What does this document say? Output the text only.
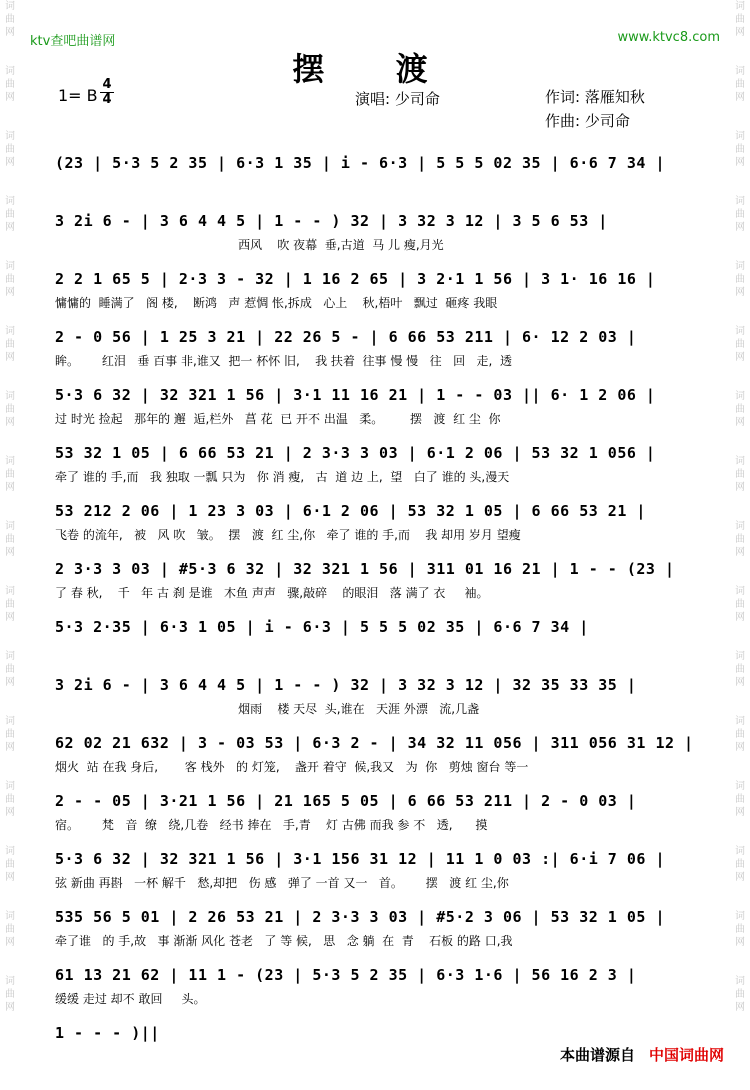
词
曲
网

词
曲
网

词
曲
网

词
曲
网

词
曲
网

词
曲
网

词
曲
网

词
曲
网

词
曲
网

词
曲
网

词
曲
网

词
曲
网

词
曲
网

词
曲
网

词
曲
网

词
曲
网
词
曲
网

词
曲
网

词
曲
网

词
曲
网

词
曲
网

词
曲
网

词
曲
网

词
曲
网

词
曲
网

词
曲
网

词
曲
网

词
曲
网

词
曲
网

词
曲
网

词
曲
网

词
曲
网
ktv查吧曲谱网	www.ktvc8.com
摆 渡
1= B
4
4	演唱: 少司命	作词: 落雁知秋
作曲: 少司命
(23 | 5·3 5 2 35 | 6·3 1 35 | i - 6·3 | 5 5 5 02 35 | 6·6 7 34 |
3 2i 6 - | 3 6 4 4 5 | 1 - - ) 32 | 3 32 3 12 | 3 5 6 53 |
西风    吹 夜幕  垂,古道  马 儿 瘦,月光
2 2 1 65 5 | 2·3 3 - 32 | 1 16 2 65 | 3 2·1 1 56 | 3 1· 16 16 |
慵慵的  睡满了   阁 楼,    断鸿   声 惹惆 怅,拆成   心上    秋,梧叶   飘过  砸疼 我眼
2 - 0 56 | 1 25 3 21 | 22 26 5 - | 6 66 53 211 | 6· 12 2 03 |
眸。      红泪   垂 百事 非,谁又  把一 杯怀 旧,    我 扶着  往事 慢 慢   往   回   走,  透
5·3 6 32 | 32 321 1 56 | 3·1 11 16 21 | 1 - - 03 || 6· 1 2 06 |
过 时光 捡起   那年的 邂  逅,栏外   菖 花  已 开不 出温   柔。       摆   渡  红 尘  你
53 32 1 05 | 6 66 53 21 | 2 3·3 3 03 | 6·1 2 06 | 53 32 1 056 |
牵了 谁的 手,而   我 独取 一瓢 只为   你 消 瘦,   古  道 边 上,  望   白了 谁的 头,漫天
53 212 2 06 | 1 23 3 03 | 6·1 2 06 | 53 32 1 05 | 6 66 53 21 |
飞卷 的流年,   被   风 吹   皱。  摆   渡  红 尘,你   牵了 谁的 手,而    我 却用 岁月 望瘦
2 3·3 3 03 | #5·3 6 32 | 32 321 1 56 | 311 01 16 21 | 1 - - (23 |
了 春 秋,    千   年 古 刹 是谁   木鱼 声声   骤,敲碎    的眼泪   落 满了 衣     袖。
5·3 2·35 | 6·3 1 05 | i - 6·3 | 5 5 5 02 35 | 6·6 7 34 |
3 2i 6 - | 3 6 4 4 5 | 1 - - ) 32 | 3 32 3 12 | 32 35 33 35 |
烟雨    楼 天尽  头,谁在   天涯 外漂   流,几盏
62 02 21 632 | 3 - 03 53 | 6·3 2 - | 34 32 11 056 | 311 056 31 12 |
烟火  站 在我 身后,       客 栈外   的 灯笼,    盏开 着守  候,我又   为  你   剪烛 窗台 等一
2 - - 05 | 3·21 1 56 | 21 165 5 05 | 6 66 53 211 | 2 - 0 03 |
宿。      梵   音  缭   绕,几卷   经书 捧在   手,青    灯 古佛 而我 参 不   透,      摸
5·3 6 32 | 32 321 1 56 | 3·1 156 31 12 | 11 1 0 03 :| 6·i 7 06 |
弦 新曲 再斟   一杯 解千   愁,却把   伤 感   弹了 一首 又一   首。      摆   渡 红 尘,你
535 56 5 01 | 2 26 53 21 | 2 3·3 3 03 | #5·2 3 06 | 53 32 1 05 |
牵了谁   的 手,故   事 渐渐 风化 苍老   了 等 候,   思   念 躺  在  青    石板 的路 口,我
61 13 21 62 | 11 1 - (23 | 5·3 5 2 35 | 6·3 1·6 | 56 16 2 3 |
缓缓 走过 却不 敢回     头。
1 - - - )||
本曲谱源自 中国词曲网
